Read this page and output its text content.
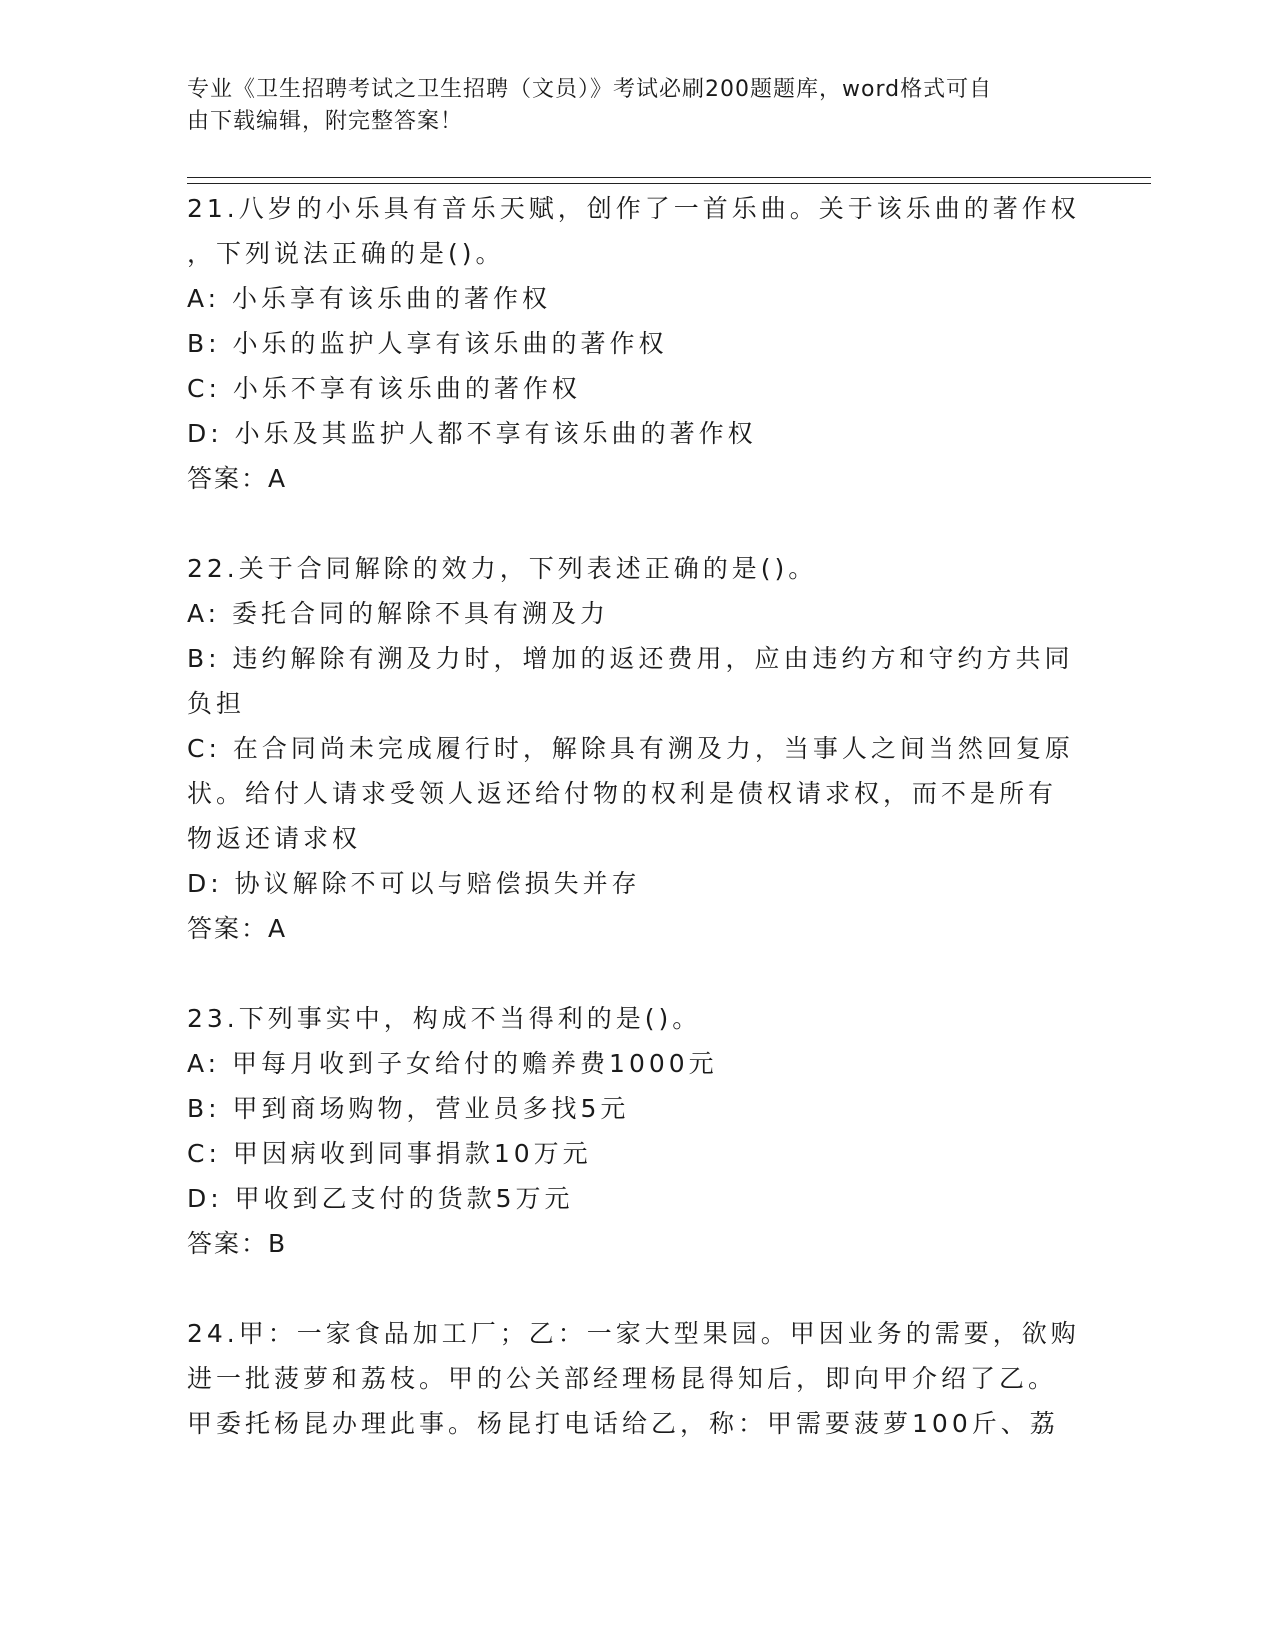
专业《卫生招聘考试之卫生招聘（文员）》考试必刷200题题库，word格式可自
由下载编辑，附完整答案！
21.八岁的小乐具有音乐天赋，创作了一首乐曲。关于该乐曲的著作权
，下列说法正确的是()。
A: 小乐享有该乐曲的著作权
B: 小乐的监护人享有该乐曲的著作权
C: 小乐不享有该乐曲的著作权
D: 小乐及其监护人都不享有该乐曲的著作权
答案：A
22.关于合同解除的效力，下列表述正确的是()。
A: 委托合同的解除不具有溯及力
B: 违约解除有溯及力时，增加的返还费用，应由违约方和守约方共同
负担
C: 在合同尚未完成履行时，解除具有溯及力，当事人之间当然回复原
状。给付人请求受领人返还给付物的权利是债权请求权，而不是所有
物返还请求权
D: 协议解除不可以与赔偿损失并存
答案：A
23.下列事实中，构成不当得利的是()。
A: 甲每月收到子女给付的赡养费1000元
B: 甲到商场购物，营业员多找5元
C: 甲因病收到同事捐款10万元
D: 甲收到乙支付的货款5万元
答案：B
24.甲：一家食品加工厂；乙：一家大型果园。甲因业务的需要，欲购
进一批菠萝和荔枝。甲的公关部经理杨昆得知后，即向甲介绍了乙。
甲委托杨昆办理此事。杨昆打电话给乙，称：甲需要菠萝100斤、荔
